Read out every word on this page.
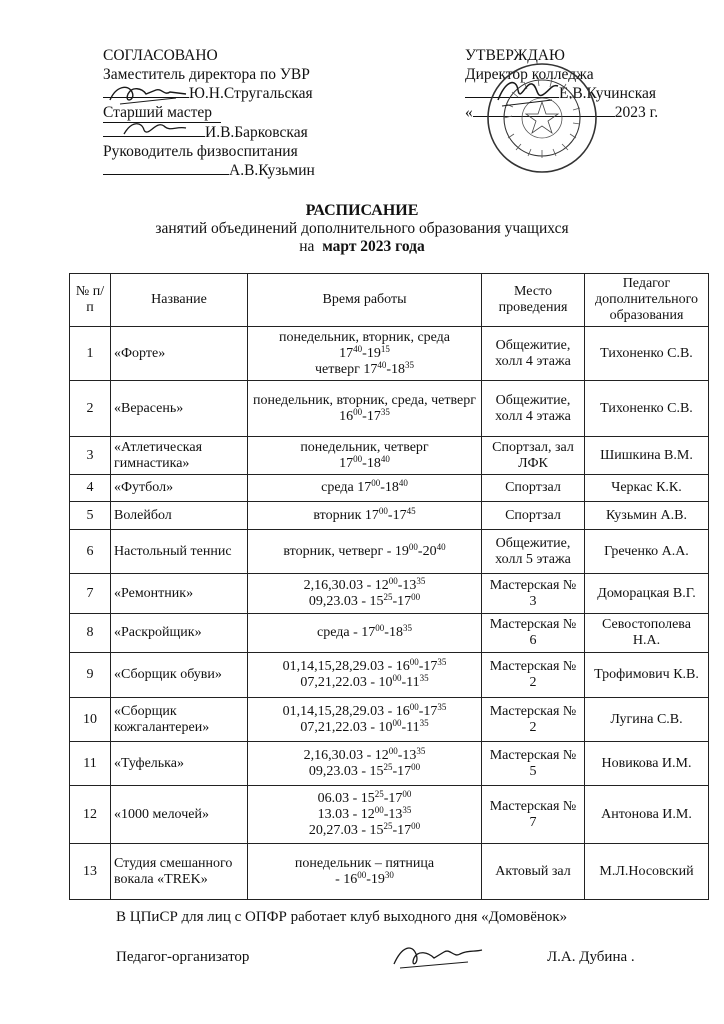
СОГЛАСОВАНО
Заместитель директора по УВР
Ю.Н.Стругальская
Старший мастер
И.В.Барковская
Руководитель физвоспитания
А.В.Кузьмин
УТВЕРЖДАЮ
Директор колледжа
Е.В.Кучинская
«	2023 г.
РАСПИСАНИЕ
занятий объединений дополнительного образования учащихся
на март 2023 года
№ п/п	Название	Время работы	Место проведения	Педагог дополнительного образования
1	«Форте»	понедельник, вторник, среда
$17^{40}-19^{15}$
четверг $17^{40}-18^{35}$	Общежитие, холл 4 этажа	Тихоненко С.В.
2	«Верасень»	понедельник, вторник, среда, четверг
$16^{00}-17^{35}$	Общежитие, холл 4 этажа	Тихоненко С.В.
3	«Атлетическая гимнастика»	понедельник, четверг
$17^{00}-18^{40}$	Спортзал, зал ЛФК	Шишкина В.М.
4	«Футбол»	среда $17^{00}-18^{40}$	Спортзал	Черкас К.К.
5	Волейбол	вторник $17^{00}-17^{45}$	Спортзал	Кузьмин А.В.
6	Настольный теннис	вторник, четверг - $19^{00}-20^{40}$	Общежитие, холл 5 этажа	Греченко А.А.
7	«Ремонтник»	$2,16,30.03 - 12^{00}-13^{35}$
$09,23.03 - 15^{25}-17^{00}$	Мастерская № 3	Доморацкая В.Г.
8	«Раскройщик»	среда - $17^{00}-18^{35}$	Мастерская № 6	Севостополева Н.А.
9	«Сборщик обуви»	$01,14,15,28,29.03 - 16^{00}-17^{35}$
$07,21,22.03 - 10^{00}-11^{35}$	Мастерская № 2	Трофимович К.В.
10	«Сборщик кожгалантереи»	$01,14,15,28,29.03 - 16^{00}-17^{35}$
$07,21,22.03 - 10^{00}-11^{35}$	Мастерская № 2	Лугина С.В.
11	«Туфелька»	$2,16,30.03 - 12^{00}-13^{35}$
$09,23.03 - 15^{25}-17^{00}$	Мастерская № 5	Новикова И.М.
12	«1000 мелочей»	$06.03 - 15^{25}-17^{00}$
$13.03 - 12^{00}-13^{35}$
$20,27.03 - 15^{25}-17^{00}$	Мастерская № 7	Антонова И.М.
13	Студия смешанного вокала «TREK»	понедельник – пятница
- $16^{00}-19^{30}$	Актовый зал	М.Л.Носовский
В ЦПиСР для лиц с ОПФР работает клуб выходного дня «Домовёнок»
Педагог-организатор	Л.А. Дубина .
